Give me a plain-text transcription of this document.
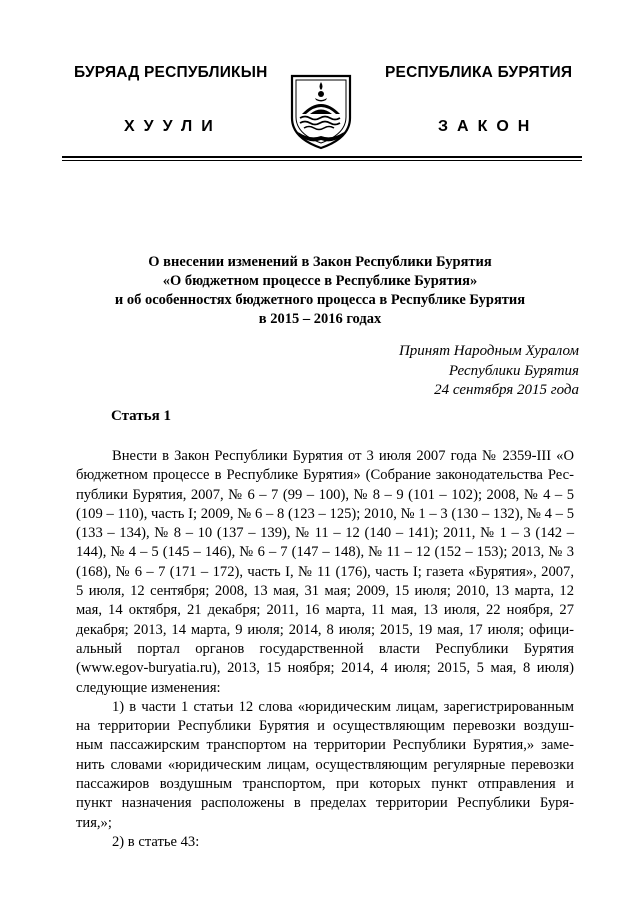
БУРЯАД РЕСПУБЛИКЫН	РЕСПУБЛИКА БУРЯТИЯ
ХУУЛИ	ЗАКОН
О внесении изменений в Закон Республики Бурятия
«О бюджетном процессе в Республике Бурятия»
и об особенностях бюджетного процесса в Республике Бурятия
в 2015 – 2016 годах
Принят Народным Хуралом
Республики Бурятия
24 сентября 2015 года
Статья 1
Внести в Закон Республики Бурятия от 3 июля 2007 года № 2359-III «О
бюджетном процессе в Республике Бурятия» (Собрание законодательства Рес-
публики Бурятия, 2007, № 6 – 7 (99 – 100), № 8 – 9 (101 – 102); 2008, № 4 – 5
(109 – 110), часть I; 2009, № 6 – 8 (123 – 125); 2010, № 1 – 3 (130 – 132), № 4 – 5
(133 – 134), № 8 – 10 (137 – 139), № 11 – 12 (140 – 141); 2011, № 1 – 3 (142 –
144), № 4 – 5 (145 – 146), № 6 – 7 (147 – 148), № 11 – 12 (152 – 153); 2013, № 3
(168), № 6 – 7 (171 – 172), часть I, № 11 (176), часть I; газета «Бурятия», 2007,
5 июля, 12 сентября; 2008, 13 мая, 31 мая; 2009, 15 июля; 2010, 13 марта, 12
мая, 14 октября, 21 декабря; 2011, 16 марта, 11 мая, 13 июля, 22 ноября, 27
декабря; 2013, 14 марта, 9 июля; 2014, 8 июля; 2015, 19 мая, 17 июля; офици-
альный портал органов государственной власти Республики Бурятия
(www.egov-buryatia.ru), 2013, 15 ноября; 2014, 4 июля; 2015, 5 мая, 8 июля)
следующие изменения:
1) в части 1 статьи 12 слова «юридическим лицам, зарегистрированным
на территории Республики Бурятия и осуществляющим перевозки воздуш-
ным пассажирским транспортом на территории Республики Бурятия,» заме-
нить словами «юридическим лицам, осуществляющим регулярные перевозки
пассажиров воздушным транспортом, при которых пункт отправления и
пункт назначения расположены в пределах территории Республики Буря-
тия,»;
2) в статье 43:
